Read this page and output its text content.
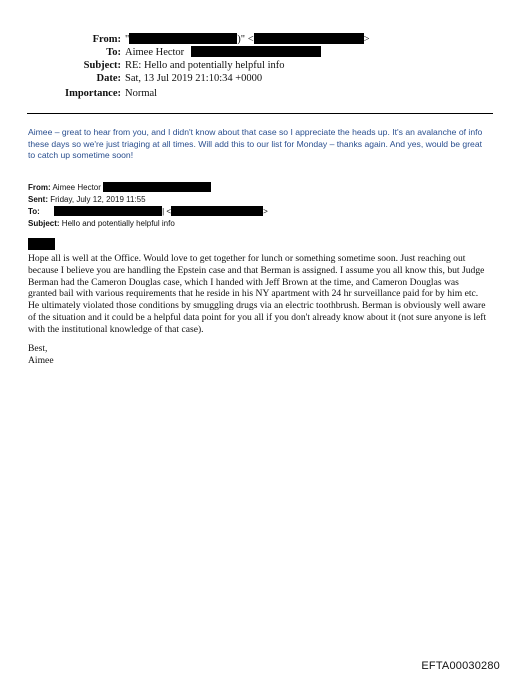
From: "	)" <	>
To: Aimee Hector
Subject: RE: Hello and potentially helpful info
Date: Sat, 13 Jul 2019 21:10:34 +0000
Importance: Normal
Aimee – great to hear from you, and I didn't know about that case so I appreciate the heads up. It's an avalanche of info these days so we're just triaging at all times. Will add this to our list for Monday – thanks again. And yes, would be great to catch up sometime soon!
From: Aimee Hector
Sent: Friday, July 12, 2019 11:55
To:	| <	>
Subject: Hello and potentially helpful info
Hope all is well at the Office. Would love to get together for lunch or something sometime soon. Just reaching out because I believe you are handling the Epstein case and that Berman is assigned. I assume you all know this, but Judge Berman had the Cameron Douglas case, which I handed with Jeff Brown at the time, and Cameron Douglas was granted bail with various requirements that he reside in his NY apartment with 24 hr surveillance paid for by him etc. He ultimately violated those conditions by smuggling drugs via an electric toothbrush. Berman is obviously well aware of the situation and it could be a helpful data point for you all if you don't already know about it (not sure anyone is left with the institutional knowledge of that case).
Best,
Aimee
EFTA00030280
